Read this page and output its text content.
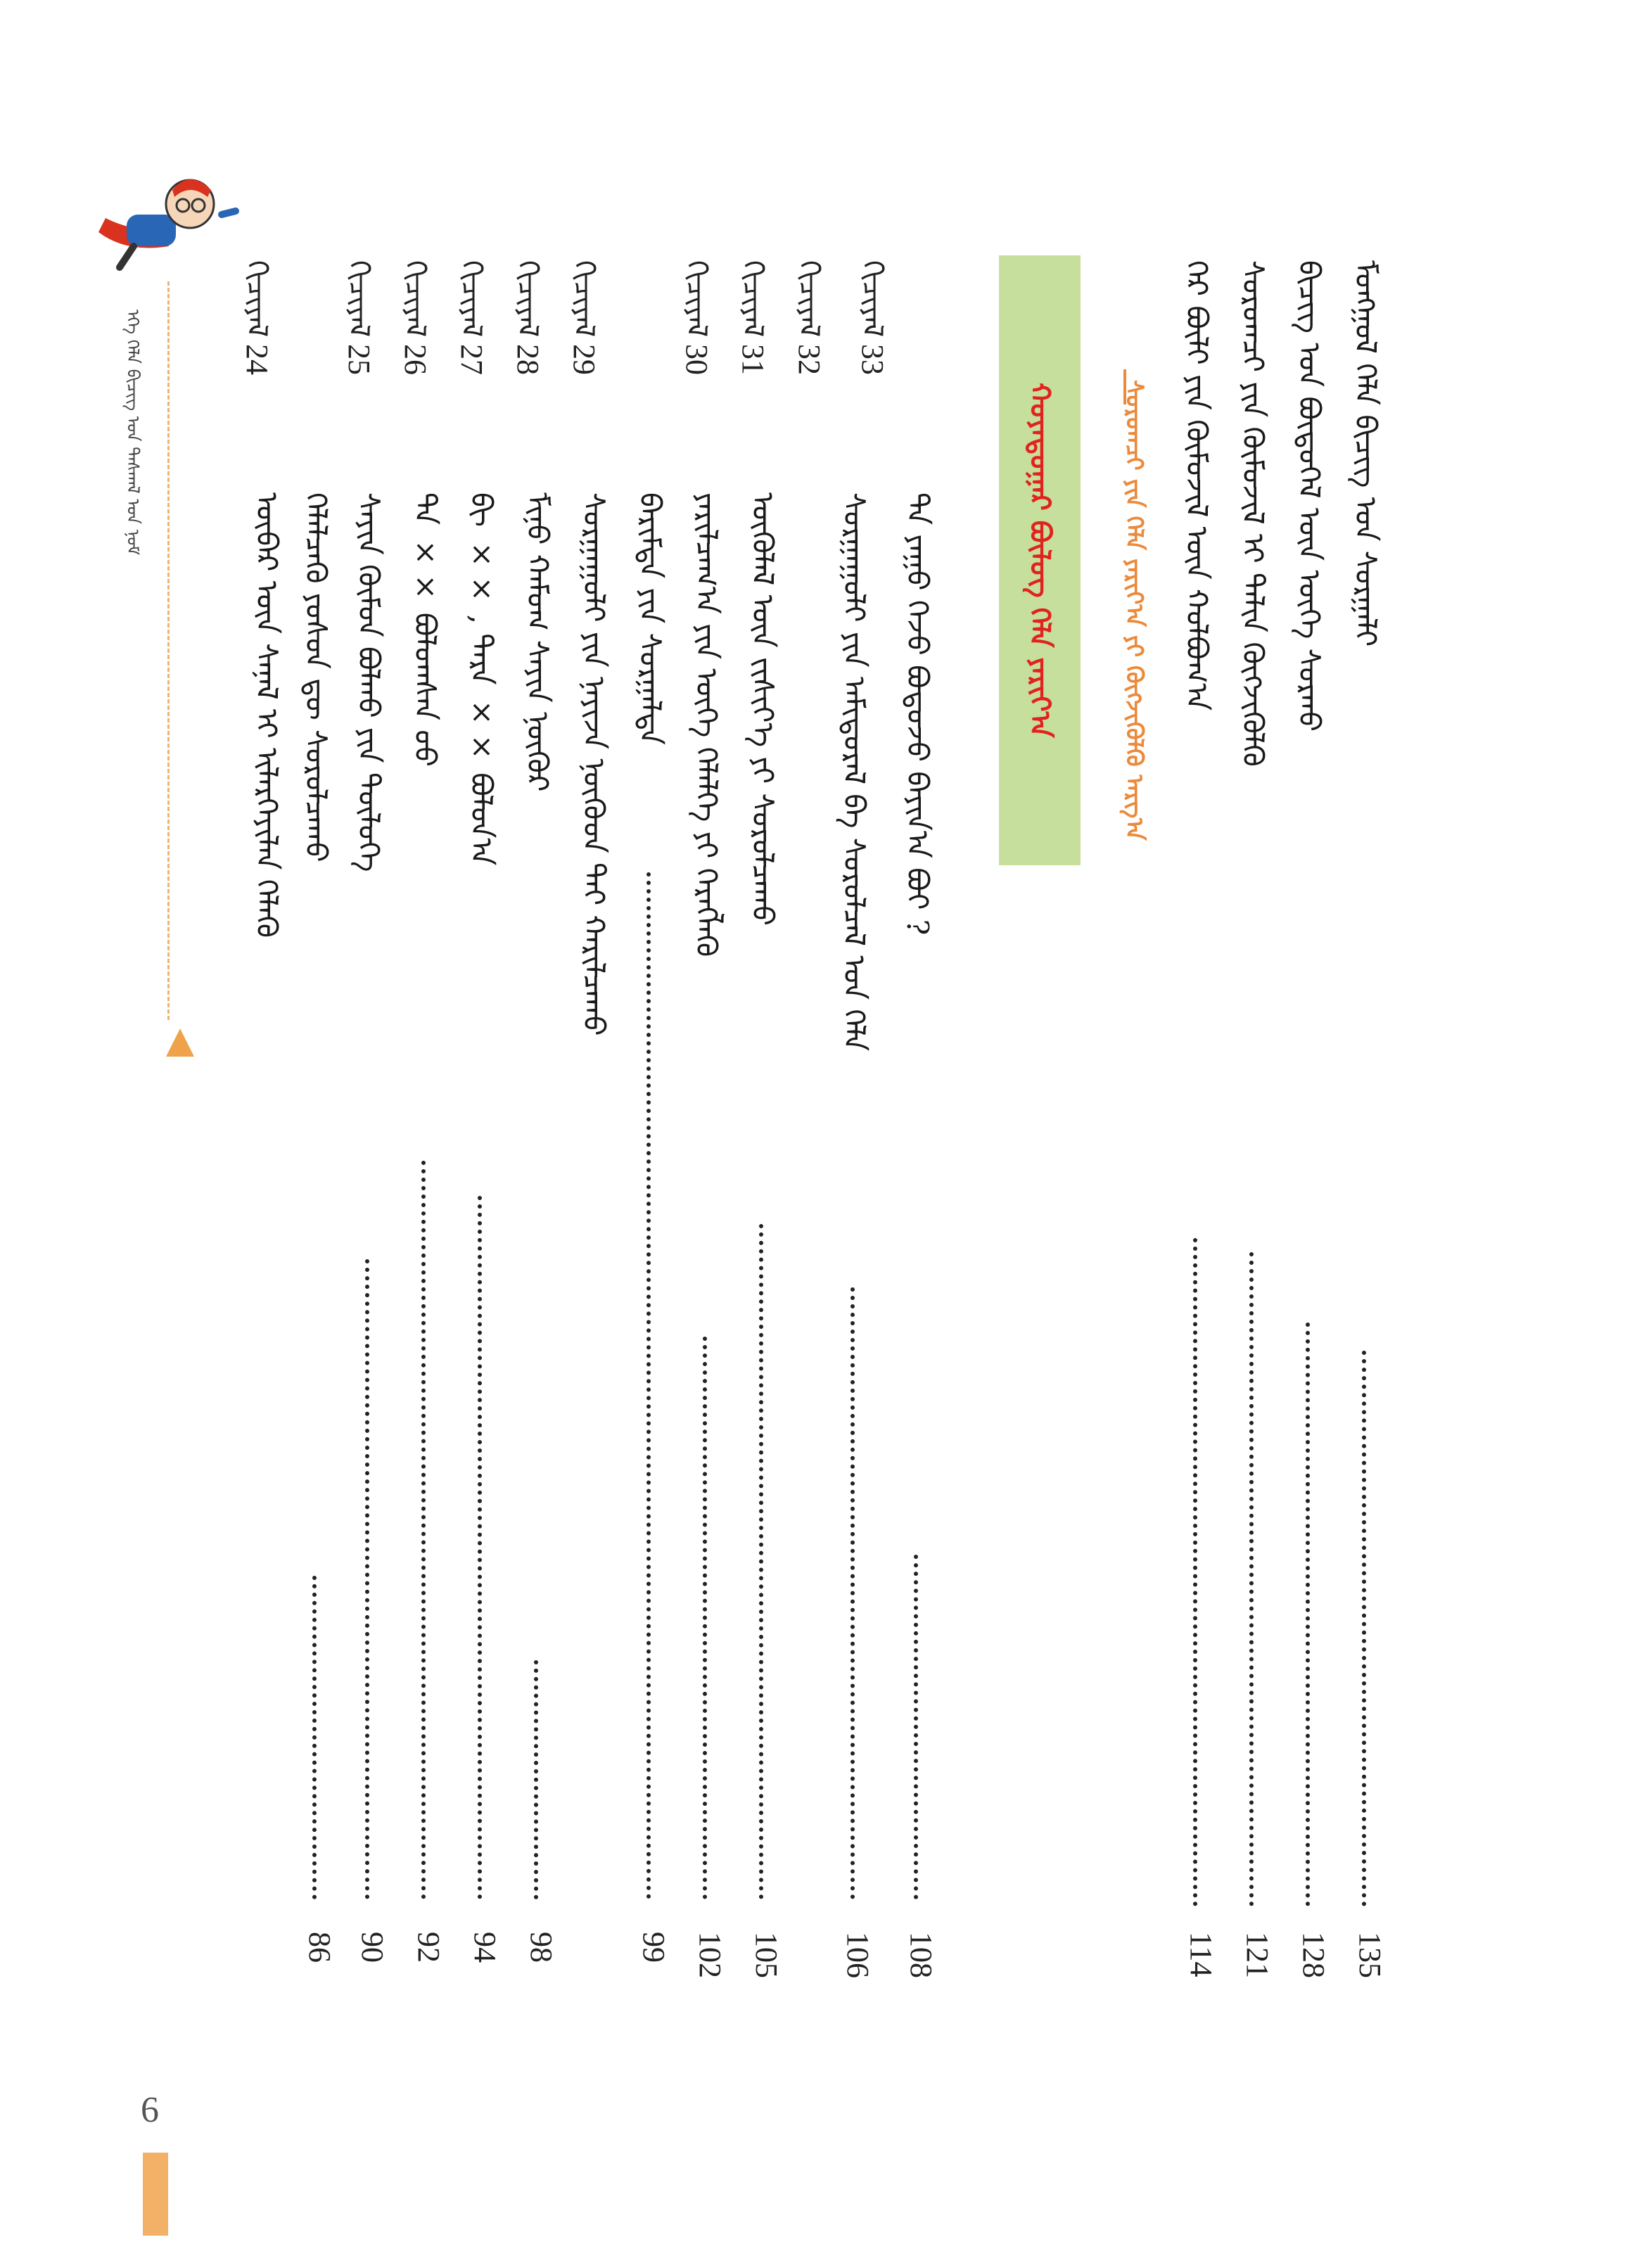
ᠮᠣᠩᠭᠤᠯ ᠬᠡᠯᠡ ᠪᠢᠴᠢᠭ᠌ ᠤᠨ ᠰᠤᠷᠭᠠᠯᠢ
135
ᠪᠢᠴᠢᠭ᠌ ᠤᠨ ᠪᠦᠲᠦᠭᠡᠯ ᠦᠨ ᠦᠭᠡ ᠰᠤᠷᠬᠤ
128
ᠰᠤᠷᠤᠭᠴᠢ ᠶᠢᠨ ᠬᠦᠮᠦᠵᠢᠯ ᠢ ᠲᠡᠯᠢᠨ ᠬᠥᠭᠵᠢᠭᠦᠯᠬᠦ
121
ᠭᠡᠷ ᠪᠦᠯᠢ ᠶᠢᠨ ᠬᠦᠮᠦᠵᠢᠯ ᠦᠨ ᠬᠣᠯᠪᠣᠭ᠎ᠠ
114
ᠬᠣᠶᠠᠳᠤᠭᠠᠷ ᠪᠦᠯᠦᠭ ᠬᠡᠯᠡ ᠶᠠᠷᠢᠶ᠎ᠠ	ᠰᠤᠷᠤᠭᠴᠢ ᠶᠢᠨ ᠬᠡᠯᠡ ᠶᠠᠷᠢᠶ᠎ᠠ ᠶᠢ ᠬᠥᠭᠵᠢᠭᠦᠯᠬᠦ ᠠᠷᠭ᠎ᠠ
ᠬᠢᠴᠢᠶᠡᠯ33
ᠲᠠ ᠶᠠᠭᠤ ᠭᠡᠵᠦ ᠪᠣᠳᠤᠵᠤ ᠪᠠᠶᠢᠨ᠎ᠠ ᠪᠤᠢ ?
108
ᠬᠢᠴᠢᠶᠡᠯ32
ᠰᠤᠷᠭᠠᠭᠤᠯᠢ ᠶᠢᠨ ᠠᠮᠢᠳᠤᠷᠠᠯ ᠪᠠ ᠰᠤᠷᠤᠯᠴᠠᠯ ᠤᠨ ᠬᠡᠯᠡ
106
ᠬᠢᠴᠢᠶᠡᠯ31
ᠥᠭᠦᠯᠡᠯ ᠦᠨ ᠵᠢᠱᠢᠶ᠎ᠡ ᠶᠢ ᠰᠤᠷᠤᠯᠴᠠᠬᠤ
105
ᠬᠢᠴᠢᠶᠡᠯ30
ᠶᠠᠷᠢᠯᠴᠠᠭ᠎ᠠ ᠶᠢᠨ ᠦᠭᠡ ᠬᠡᠯᠡᠯᠭᠡ ᠶᠢ ᠬᠡᠷᠡᠭᠯᠡᠬᠦ
102
ᠪᠠᠷᠢᠮᠲᠠ ᠶᠢᠨ ᠰᠤᠷᠭᠠᠯᠲᠠ
99
ᠬᠢᠴᠢᠶᠡᠯ29
ᠰᠤᠷᠭᠠᠭᠤᠯᠢ ᠶᠢᠨ ᠨᠠᠶᠢᠵᠠ ᠨᠥᠬᠦᠳ ᠲᠡᠢ ᠬᠠᠷᠢᠯᠴᠠᠬᠤ
ᠬᠢᠴᠢᠶᠡᠯ28
ᠮᠢᠨᠤ ᠬᠠᠮᠤᠭ ᠰᠠᠶᠢᠨ ᠨᠥᠬᠦᠷ
98
ᠬᠢᠴᠢᠶᠡᠯ27
ᠪᠢ ×× , ᠲᠡᠷᠡ ×× ᠪᠣᠯᠤᠨ᠎ᠠ
94
ᠬᠢᠴᠢᠶᠡᠯ26
ᠲᠠ ×× ᠪᠣᠯᠤᠭᠰᠠᠨ ᠤᠤ
92
ᠬᠢᠴᠢᠶᠡᠯ25
ᠰᠠᠶᠢᠨ ᠬᠦᠮᠦᠨ ᠪᠣᠯᠬᠤ ᠶᠢᠨ ᠲᠥᠯᠥᠭᠡ
90
ᠬᠢᠴᠢᠶᠡᠯ24
ᠥᠪᠡᠷ ᠦᠨ ᠰᠠᠨᠠᠯ ᠢ ᠢᠯᠡᠷᠬᠡᠶᠢᠯᠡᠨ ᠬᠡᠯᠡᠬᠦ ᠬᠡᠯᠡᠯᠴᠡᠬᠦ ᠶᠣᠰᠣᠨ ᠳᠦ ᠰᠤᠷᠤᠯᠴᠠᠬᠤ
86
ᠡᠬᠡ ᠬᠡᠯᠡ ᠪᠢᠴᠢᠭ᠌ ᠤᠨ ᠳᠠᠰᠬᠠᠯ ᠤᠨ ᠨᠣᠮ
6
